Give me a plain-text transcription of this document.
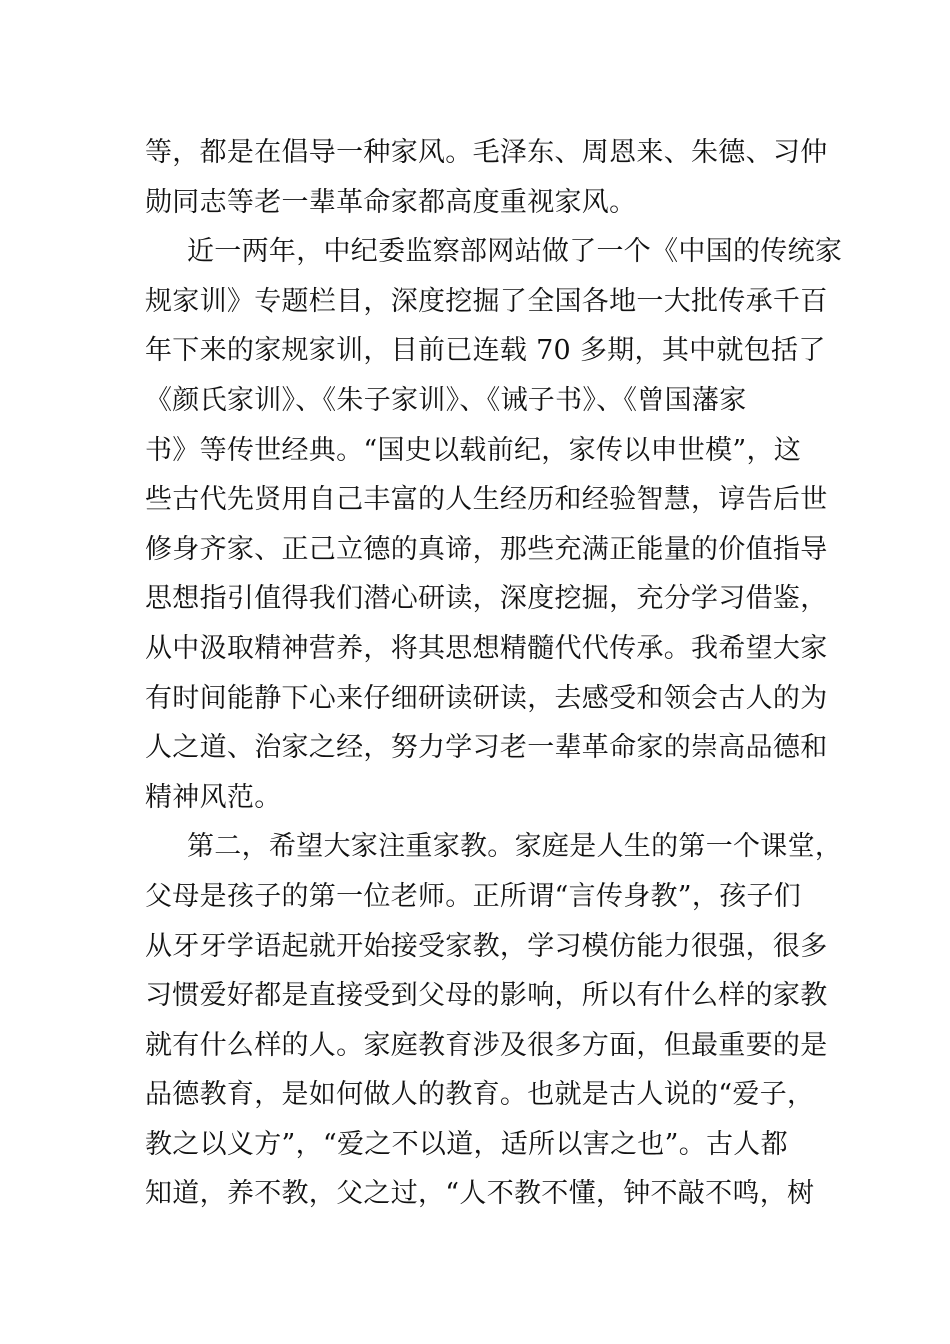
等，都是在倡导一种家风。毛泽东、周恩来、朱德、习仲
勋同志等老一辈革命家都高度重视家风。
近一两年，中纪委监察部网站做了一个《中国的传统家
规家训》专题栏目，深度挖掘了全国各地一大批传承千百
年下来的家规家训，目前已连载 70 多期，其中就包括了
《颜氏家训》、《朱子家训》、《诫子书》、《曾国藩家
书》等传世经典。“国史以载前纪，家传以申世模”，这
些古代先贤用自己丰富的人生经历和经验智慧，谆告后世
修身齐家、正己立德的真谛，那些充满正能量的价值指导
思想指引值得我们潜心研读，深度挖掘，充分学习借鉴，
从中汲取精神营养，将其思想精髓代代传承。我希望大家
有时间能静下心来仔细研读研读，去感受和领会古人的为
人之道、治家之经，努力学习老一辈革命家的崇高品德和
精神风范。
第二，希望大家注重家教。家庭是人生的第一个课堂，
父母是孩子的第一位老师。正所谓“言传身教”，孩子们
从牙牙学语起就开始接受家教，学习模仿能力很强，很多
习惯爱好都是直接受到父母的影响，所以有什么样的家教
就有什么样的人。家庭教育涉及很多方面，但最重要的是
品德教育，是如何做人的教育。也就是古人说的“爱子，
教之以义方”，“爱之不以道，适所以害之也”。古人都
知道，养不教，父之过，“人不教不懂，钟不敲不鸣，树
